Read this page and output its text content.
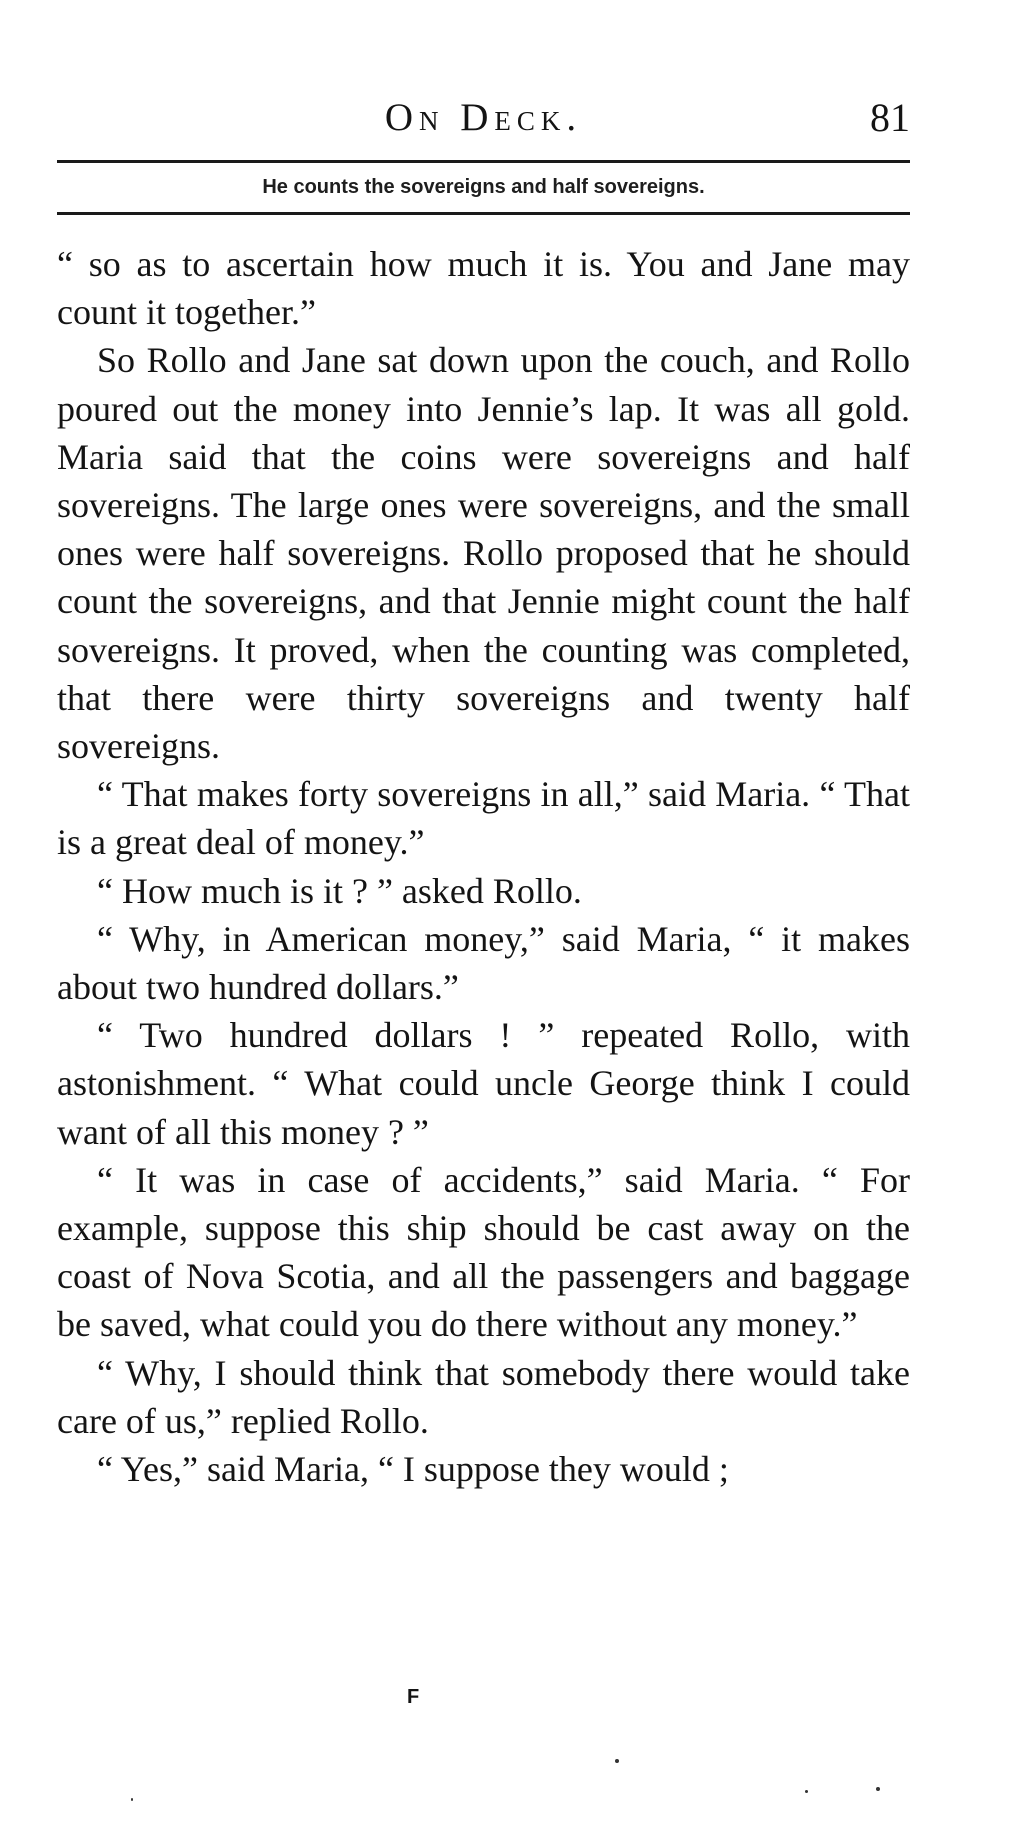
On Deck.	81
He counts the sovereigns and half sovereigns.

“ so as to ascertain how much it is. You and Jane may count it together.”

So Rollo and Jane sat down upon the couch, and Rollo poured out the money into Jennie’s lap. It was all gold. Maria said that the coins were sovereigns and half sovereigns. The large ones were sovereigns, and the small ones were half sovereigns. Rollo proposed that he should count the sovereigns, and that Jennie might count the half sovereigns. It proved, when the counting was completed, that there were thirty sovereigns and twenty half sovereigns.

“ That makes forty sovereigns in all,” said Maria. “ That is a great deal of money.”

“ How much is it ? ” asked Rollo.

“ Why, in American money,” said Maria, “ it makes about two hundred dollars.”

“ Two hundred dollars ! ” repeated Rollo, with astonishment. “ What could uncle George think I could want of all this money ? ”

“ It was in case of accidents,” said Maria. “ For example, suppose this ship should be cast away on the coast of Nova Scotia, and all the passengers and baggage be saved, what could you do there without any money.”

“ Why, I should think that somebody there would take care of us,” replied Rollo.

“ Yes,” said Maria, “ I suppose they would ;

F
